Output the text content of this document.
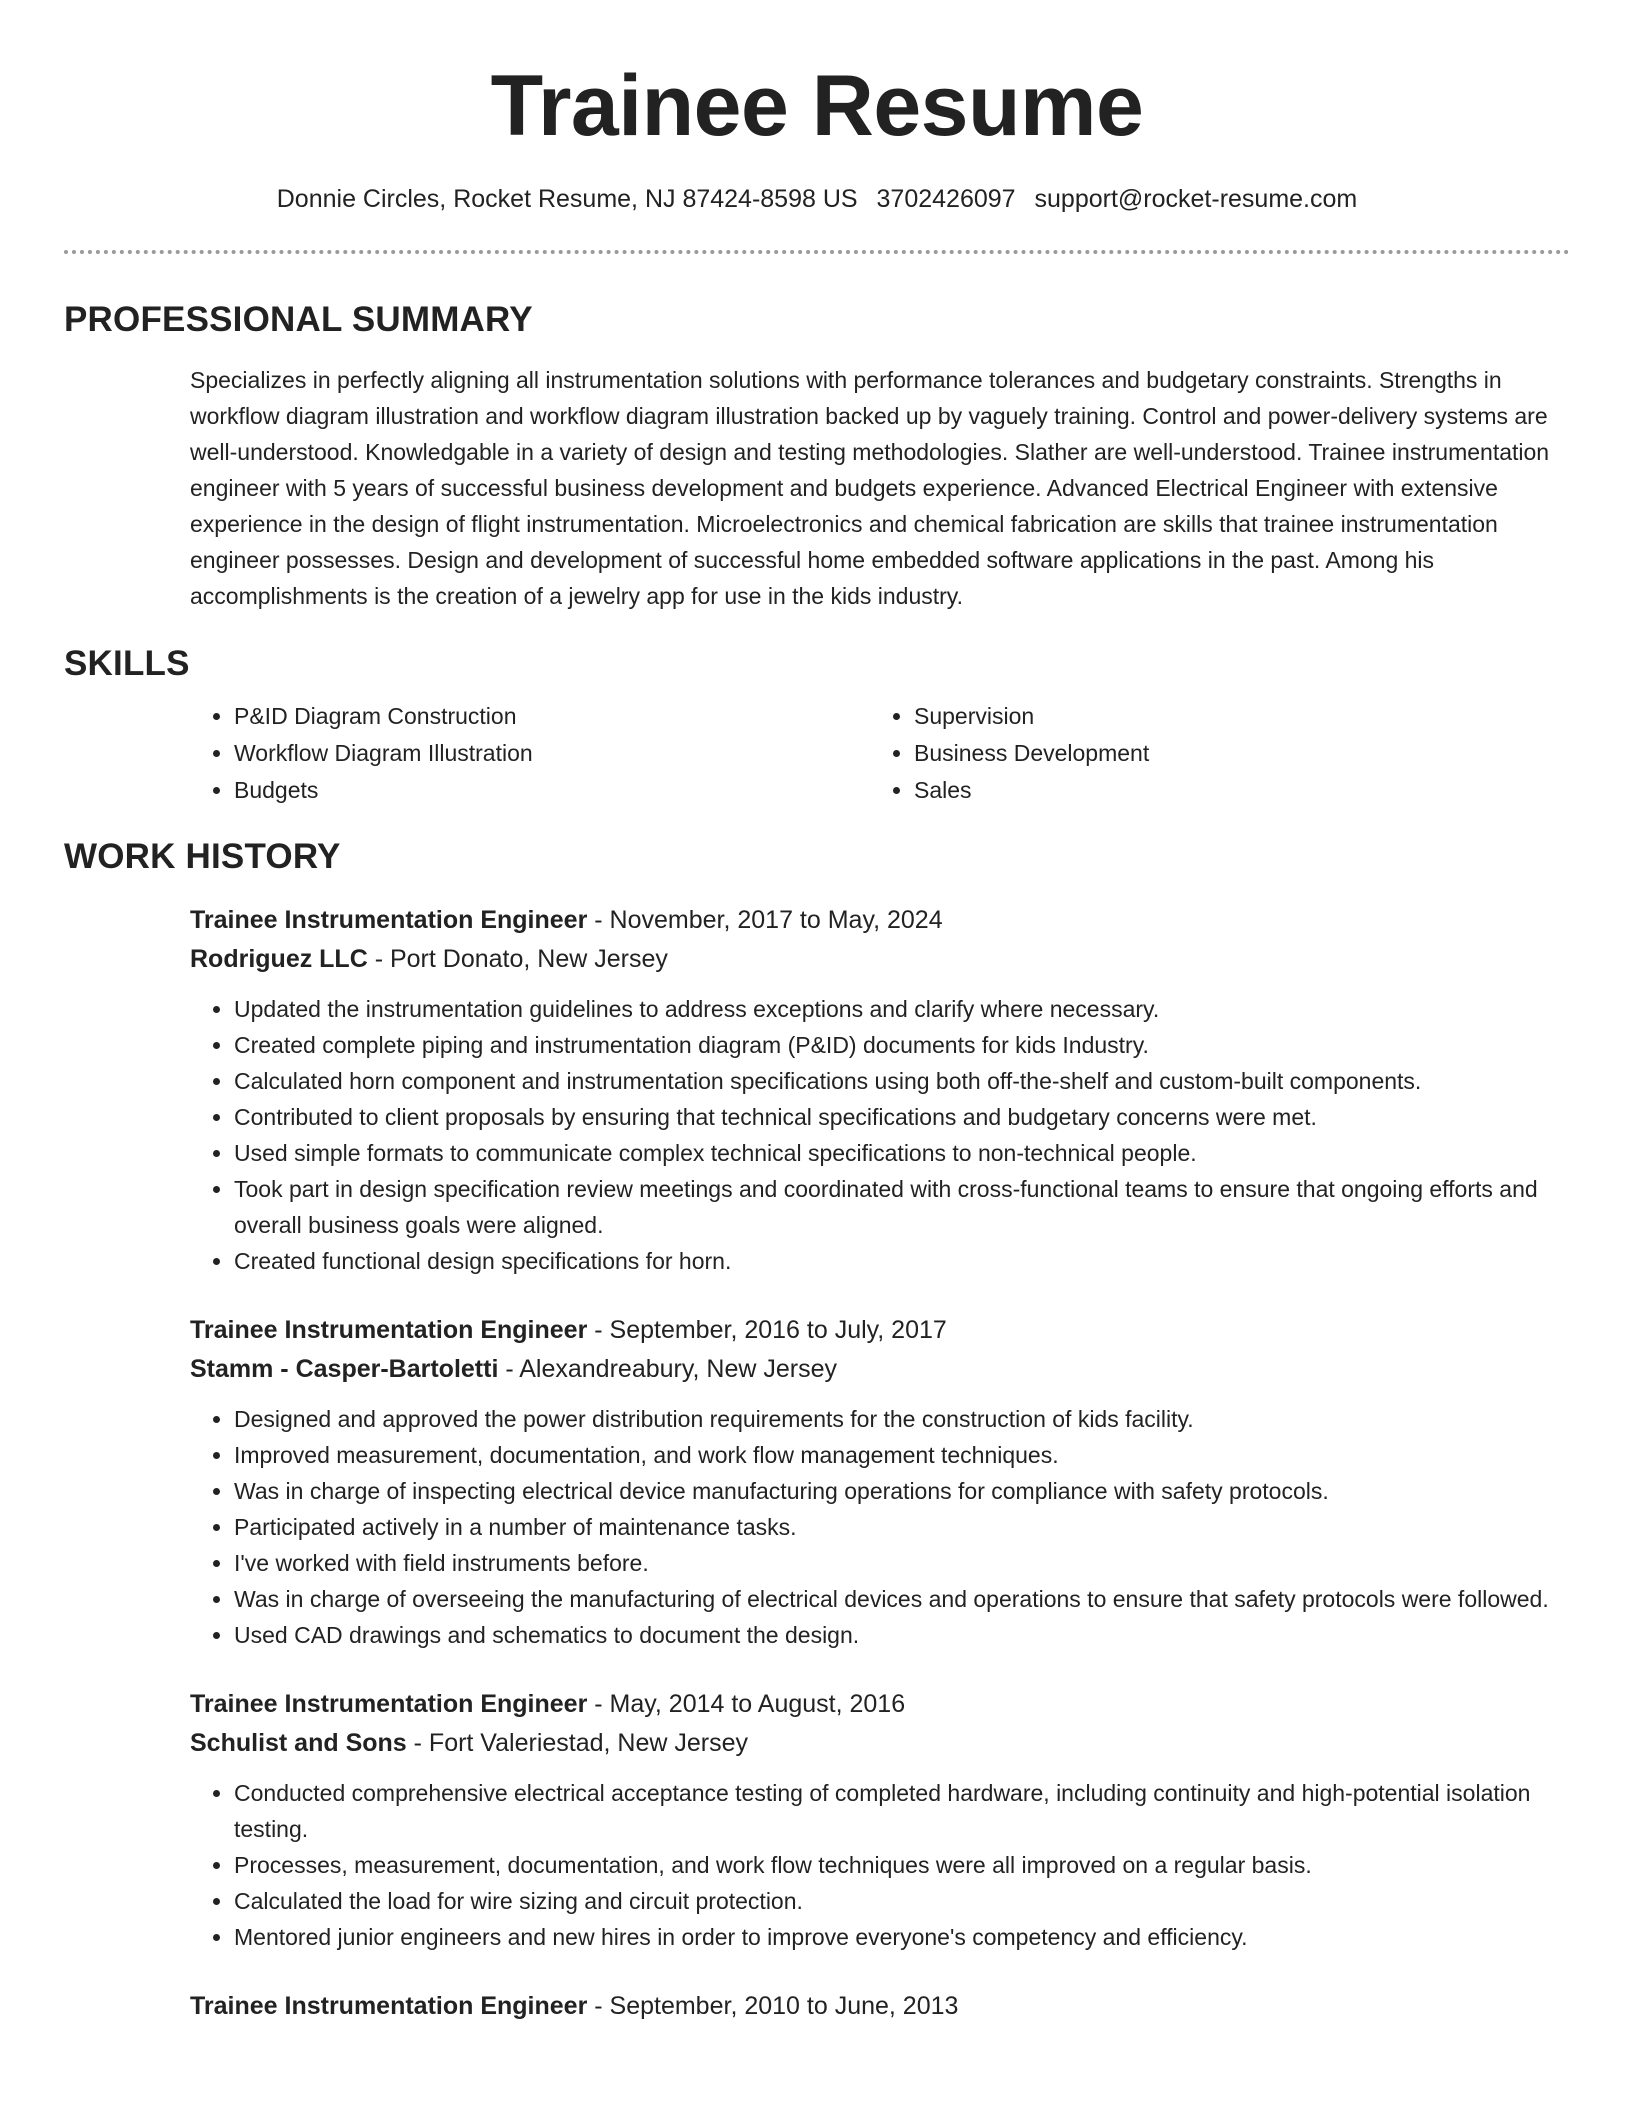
Trainee Resume
Donnie Circles, Rocket Resume, NJ 87424-8598 US 3702426097 support@rocket-resume.com
PROFESSIONAL SUMMARY

Specializes in perfectly aligning all instrumentation solutions with performance tolerances and budgetary constraints. Strengths in workflow diagram illustration and workflow diagram illustration backed up by vaguely training. Control and power-delivery systems are well-understood. Knowledgable in a variety of design and testing methodologies. Slather are well-understood. Trainee instrumentation engineer with 5 years of successful business development and budgets experience. Advanced Electrical Engineer with extensive experience in the design of flight instrumentation. Microelectronics and chemical fabrication are skills that trainee instrumentation engineer possesses. Design and development of successful home embedded software applications in the past. Among his accomplishments is the creation of a jewelry app for use in the kids industry.

SKILLS
• P&ID Diagram Construction
• Workflow Diagram Illustration
• Budgets
• Supervision
• Business Development
• Sales
WORK HISTORY
Trainee Instrumentation Engineer - November, 2017 to May, 2024
Rodriguez LLC - Port Donato, New Jersey
• Updated the instrumentation guidelines to address exceptions and clarify where necessary.
• Created complete piping and instrumentation diagram (P&ID) documents for kids Industry.
• Calculated horn component and instrumentation specifications using both off-the-shelf and custom-built components.
• Contributed to client proposals by ensuring that technical specifications and budgetary concerns were met.
• Used simple formats to communicate complex technical specifications to non-technical people.
• Took part in design specification review meetings and coordinated with cross-functional teams to ensure that ongoing efforts and overall business goals were aligned.
• Created functional design specifications for horn.
Trainee Instrumentation Engineer - September, 2016 to July, 2017
Stamm - Casper-Bartoletti - Alexandreabury, New Jersey
• Designed and approved the power distribution requirements for the construction of kids facility.
• Improved measurement, documentation, and work flow management techniques.
• Was in charge of inspecting electrical device manufacturing operations for compliance with safety protocols.
• Participated actively in a number of maintenance tasks.
• I've worked with field instruments before.
• Was in charge of overseeing the manufacturing of electrical devices and operations to ensure that safety protocols were followed.
• Used CAD drawings and schematics to document the design.
Trainee Instrumentation Engineer - May, 2014 to August, 2016
Schulist and Sons - Fort Valeriestad, New Jersey
• Conducted comprehensive electrical acceptance testing of completed hardware, including continuity and high-potential isolation testing.
• Processes, measurement, documentation, and work flow techniques were all improved on a regular basis.
• Calculated the load for wire sizing and circuit protection.
• Mentored junior engineers and new hires in order to improve everyone's competency and efficiency.
Trainee Instrumentation Engineer - September, 2010 to June, 2013
